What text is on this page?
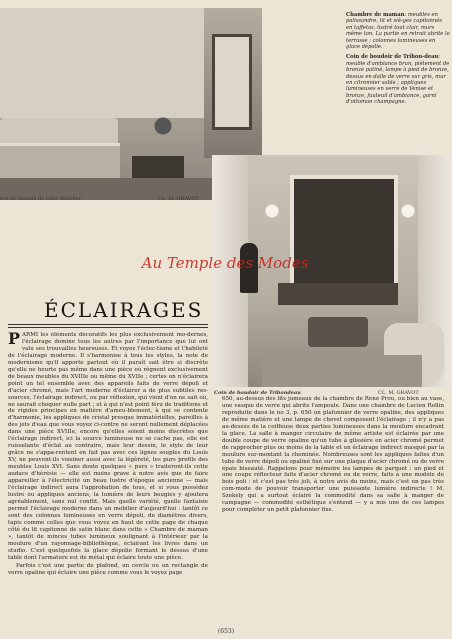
Chambre de maman: meubles en palissandre, lit et siè-ges capitonnés en taffetas, lustré tout clair, murs même ton. La partie en retrait abrite le terrasse ; colonnes lumineuses en glace dépolie.

Coin de boudoir de Tribon-deau: meuble d'ambiance brun, piétement de bronze patiné, lampe à pied de bronze, dessus en dalle de verre sur gris, mur en citronnier sable ; appliques lumineuses en verre de Venise et bronze, fauteuil d'ambiance, garni d'ottoman champagne.

bre de maman de Léon Bonchet	CL. M. GRAVOT
Coin de boudoir de Tribondeau	CL. M. GRAVOT
Au Temple des Modes
ÉCLAIRAGES

PARMI les éléments décoratifs les plus exclusivement mo-dernes, l'éclairage domine tous les autres par l'importance que lui ont valu ses trouvailles heureuses. Et voyez l'éclec-tisme et l'habileté de l'éclairage moderne. Il s'harmonise à tous les styles, la note de modernisme qu'il apporte partout où il paraît sait être si discrète qu'elle ne heurte pas même dans une pièce où règnent exclusivement de beaux meubles du XVIIIe ou même du XVIIe ; certes on n'éclairera point un tel ensemble avec des appareils faits de verre dépoli et d'acier chromé, mais l'art moderne d'éclairer a de plus subtiles res-sources, l'éclairage indirect, ou par réflexion, qui vient d'on ne sait où, ne saurait choquer nulle part ; et à qui n'est point féru de traditions et de rigides principes en matière d'ameu-blement, à qui se contente d'harmonie, les appliques de cristal presque immatérielles, pareilles à des jets d'eau que vous voyez ci-contre ne seront nullement déplacées dans une pièce XVIIIe, encore qu'elles soient moins discrètes que l'éclairage indirect, ici la source lumineuse ne se cache pas, elle est ruisselante d'éclat au contraire, mais leur dessin, le style de leur grâce ne s'appa-rentent en fait pas avec ces lignes souples du Louis XV, ne peuvent-ils voisiner aussi avec la légèreté, les purs profils des meubles Louis XVI. Sans doute quelques « purs » traiteront-ils cette audace d'hérésie — elle est moins grave à notre avis que de faire appareiller à l'électricité un beau lustre d'époque ancienne — mais l'éclairage indirect aura l'approbation de tous, et si vous possédez lustre ou appliques anciens, la lumière de leurs bougies y ajoutera agréablement, sans nul conflit. Mais quelle variété, quelle fantaisie permet l'éclairage moderne dans un mobilier d'aujourd'hui : tantôt ce sont des colonnes lumineuses en verre dépoli, de diamètres divers, tapis comme celles que vous voyez en haut de cette page de chaque côté du lit capitonné de satin blanc dans cette « Chambre de maman », tantôt de minces tubes lumineux soulignant à l'intérieur par la moulure d'un rayonnage-bibliothèque, éclairant les livres dans un studio. C'est quelquefois la glace dépolie formant le dessus d'une table dont l'armature est de métal qui éclaire toute une pièce.

Parfois c'est une partie de plafond, un cercle ou un rectangle de verre opaline qui éclaire une pièce comme vous le voyez page

650, au-dessus des lits jumeaux de la chambre de René Prou, ou bien au vase, une vasque de verre qui abrite l'ampoule. Dans une chambre de Lucien Rollin reproduite dans le no 3, p. 650 un plafonnier de verre opaline, des appliques de même matière et une lampe de chevet composent l'éclairage ; il n'y a pas au-dessus de la coiffeuse deux parties lumineuses dans la moulure encadrant la glace. La salle à manger circulaire de même artiste est éclairée par une double coupe de verre opaline qu'un tube à glissière en acier chromé permet de rapprocher plus ou moins de la table et un éclairage indirect masqué par la moulure sur-montant la cheminée. Nombreuses sont les appliques faites d'un tube de verre dépoli ou opaliné fixé sur une plaque d'acier chromé ou de verre épais biseauté. Rappelons pour mémoire les lampes de parquet : un pied et une coupe réflecteur faits d'acier chromé ou de verre, faits à une modèle de bois poli : et c'est pas très joli, à notre avis du moins, mais c'est un pas très com-mode de pouvoir transporter une puissante lumière indirecte ! M. Szekely qui a surtout éclairé la commodité dans sa salle à manger de campagne — commodité esthétique s'entend — y a mis une de ces lampes pour compléter un petit plafonnier fixe.

(653)
